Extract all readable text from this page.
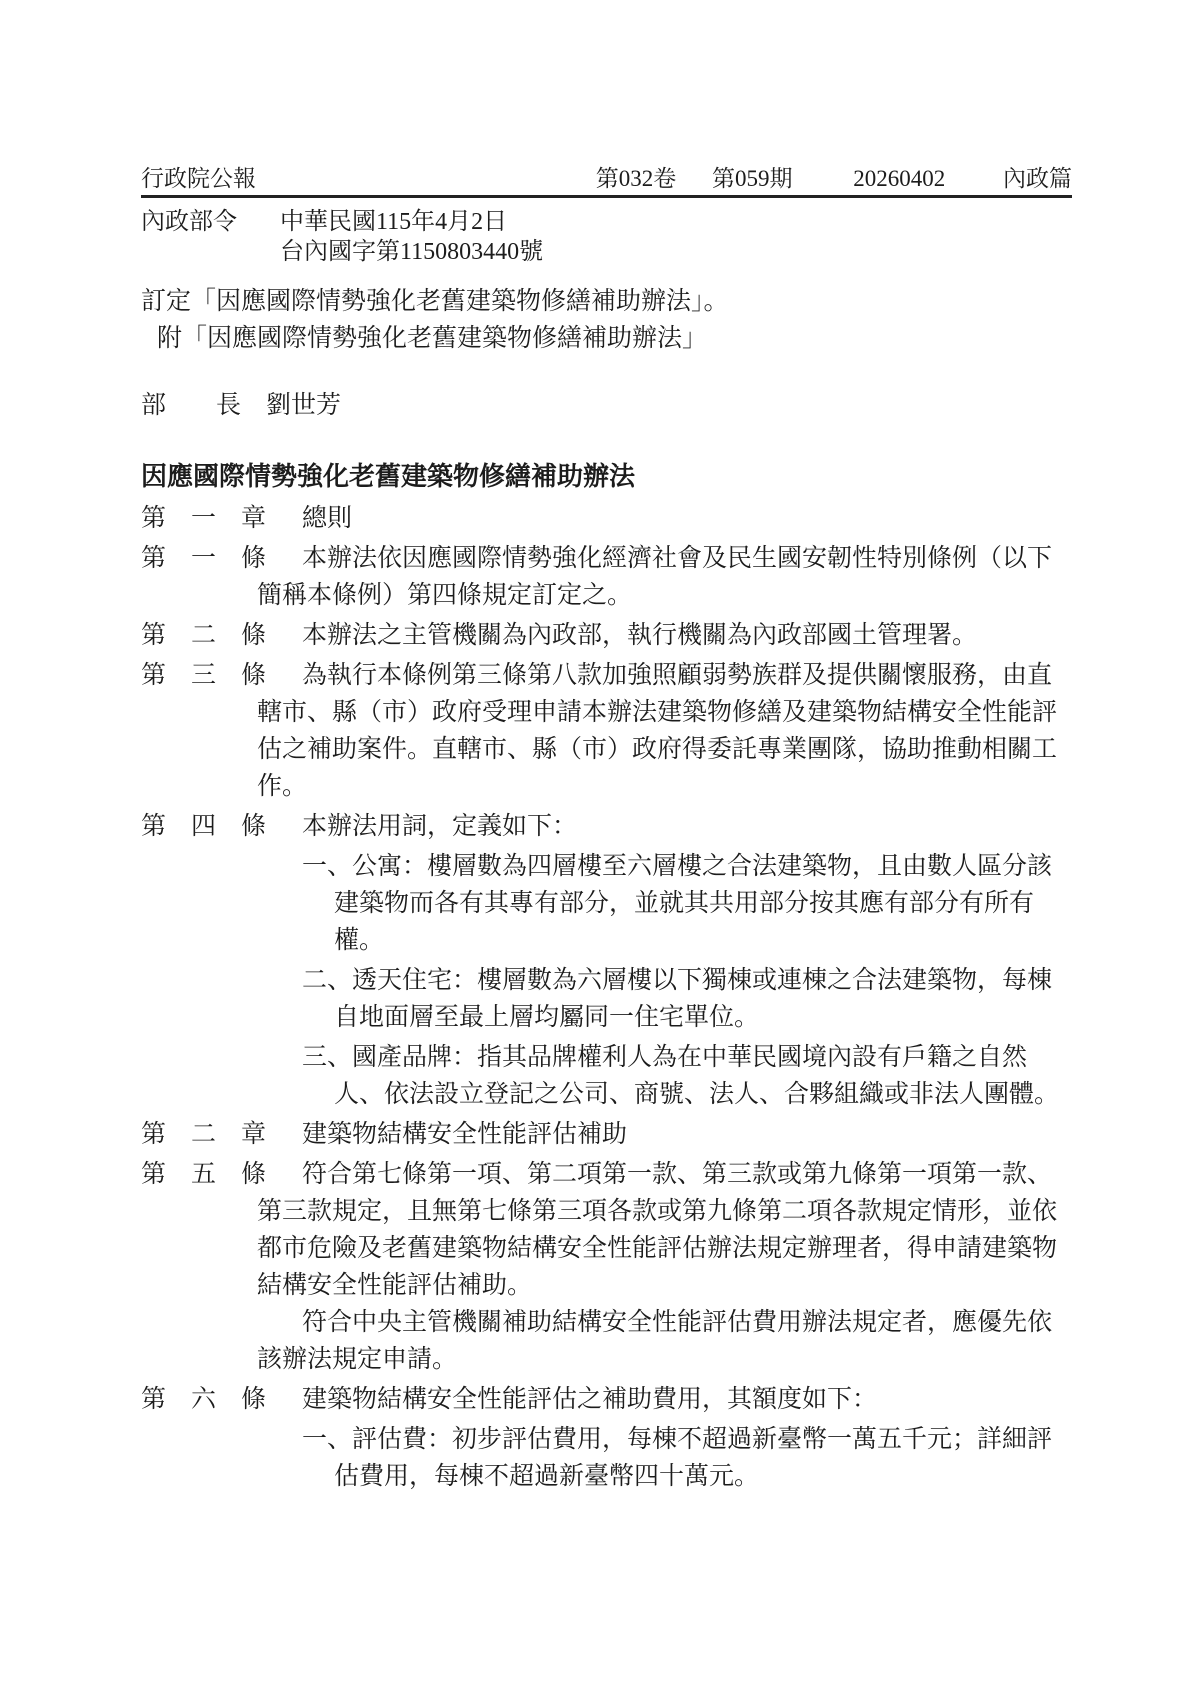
行政院公報	第032卷 第059期	20260402	內政篇
內政部令	中華民國115年4月2日
台內國字第1150803440號

訂定「因應國際情勢強化老舊建築物修繕補助辦法」。

附「因應國際情勢強化老舊建築物修繕補助辦法」

部　　長　劉世芳

因應國際情勢強化老舊建築物修繕補助辦法
第　一　章 總則
第　一　條 本辦法依因應國際情勢強化經濟社會及民生國安韌性特別條例（以下簡稱本條例）第四條規定訂定之。
第　二　條 本辦法之主管機關為內政部，執行機關為內政部國土管理署。
第　三　條 為執行本條例第三條第八款加強照顧弱勢族群及提供關懷服務，由直轄市、縣（市）政府受理申請本辦法建築物修繕及建築物結構安全性能評估之補助案件。直轄市、縣（市）政府得委託專業團隊，協助推動相關工作。
第　四　條 本辦法用詞，定義如下：
一、公寓：樓層數為四層樓至六層樓之合法建築物，且由數人區分該建築物而各有其專有部分，並就其共用部分按其應有部分有所有權。
二、透天住宅：樓層數為六層樓以下獨棟或連棟之合法建築物，每棟自地面層至最上層均屬同一住宅單位。
三、國產品牌：指其品牌權利人為在中華民國境內設有戶籍之自然人、依法設立登記之公司、商號、法人、合夥組織或非法人團體。
第　二　章 建築物結構安全性能評估補助
第　五　條 符合第七條第一項、第二項第一款、第三款或第九條第一項第一款、第三款規定，且無第七條第三項各款或第九條第二項各款規定情形，並依都市危險及老舊建築物結構安全性能評估辦法規定辦理者，得申請建築物結構安全性能評估補助。
符合中央主管機關補助結構安全性能評估費用辦法規定者，應優先依該辦法規定申請。
第　六　條 建築物結構安全性能評估之補助費用，其額度如下：
一、評估費：初步評估費用，每棟不超過新臺幣一萬五千元；詳細評估費用，每棟不超過新臺幣四十萬元。
